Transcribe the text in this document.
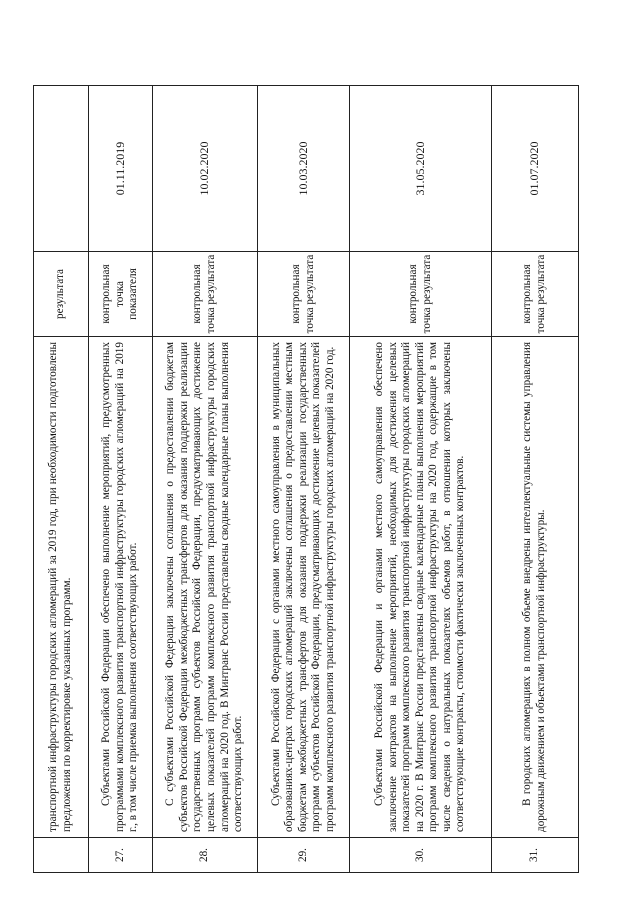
	транспортной инфраструктуры городских агломераций за 2019 год, при необходимости подготовлены предложения по корректировке указанных программ.	результата	
27.	Субъектами Российской Федерации обеспечено выполнение мероприятий, предусмотренных программами комплексного развития транспортной инфраструктуры городских агломераций на 2019 г., в том числе приемка выполнения соответствующих работ.	контрольная точка показателя	01.11.2019
28.	С субъектами Российской Федерации заключены соглашения о предоставлении бюджетам субъектов Российской Федерации межбюджетных трансфертов для оказания поддержки реализации государственных программ субъектов Российской Федерации, предусматривающих достижение целевых показателей программ комплексного развития транспортной инфраструктуры городских агломераций на 2020 год. В Минтранс России представлены сводные календарные планы выполнения соответствующих работ.	контрольная точка результата	10.02.2020
29.	Субъектами Российской Федерации с органами местного самоуправления в муниципальных образованиях-центрах городских агломераций заключены соглашения о предоставлении местным бюджетам межбюджетных трансфертов для оказания поддержки реализации государственных программ субъектов Российской Федерации, предусматривающих достижение целевых показателей программ комплексного развития транспортной инфраструктуры городских агломераций на 2020 год.	контрольная точка результата	10.03.2020
30.	Субъектами Российской Федерации и органами местного самоуправления обеспечено заключение контрактов на выполнение мероприятий, необходимых для достижения целевых показателей программ комплексного развития транспортной инфраструктуры городских агломераций на 2020 г. В Минтранс России представлены сводные календарные планы выполнения мероприятий программ комплексного развития транспортной инфраструктуры на 2020 год, содержащие в том числе сведения о натуральных показателях объемов работ, в отношении которых заключены соответствующие контракты, стоимости фактически заключенных контрактов.	контрольная точка результата	31.05.2020
31.	В городских агломерациях в полном объеме внедрены интеллектуальные системы управления дорожным движением и объектами транспортной инфраструктуры.	контрольная точка результата	01.07.2020
